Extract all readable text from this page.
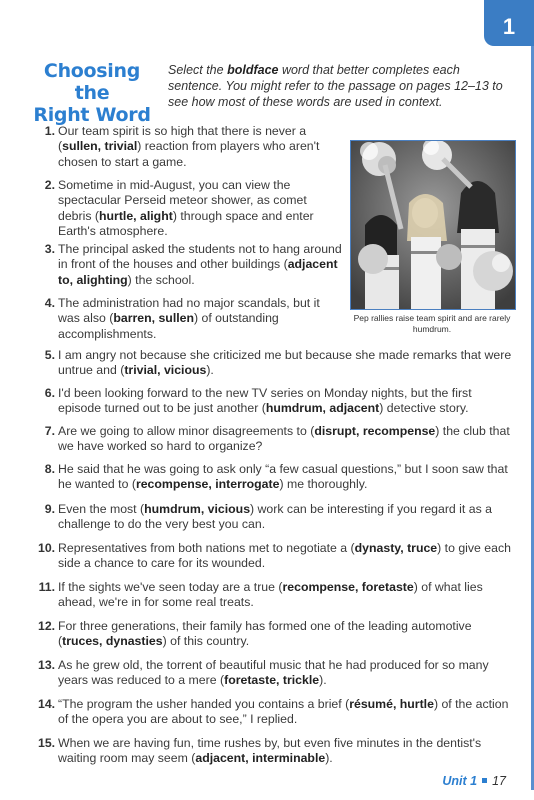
1
Choosing the
Right Word
Select the boldface word that better completes each sentence. You might refer to the passage on pages 12–13 to see how most of these words are used in context.
Pep rallies raise team spirit and are rarely humdrum.
1. Our team spirit is so high that there is never a (sullen, trivial) reaction from players who aren't chosen to start a game.
2. Sometime in mid-August, you can view the spectacular Perseid meteor shower, as comet debris (hurtle, alight) through space and enter Earth's atmosphere.
3. The principal asked the students not to hang around in front of the houses and other buildings (adjacent to, alighting) the school.
4. The administration had no major scandals, but it was also (barren, sullen) of outstanding accomplishments.
5. I am angry not because she criticized me but because she made remarks that were untrue and (trivial, vicious).
6. I'd been looking forward to the new TV series on Monday nights, but the first episode turned out to be just another (humdrum, adjacent) detective story.
7. Are we going to allow minor disagreements to (disrupt, recompense) the club that we have worked so hard to organize?
8. He said that he was going to ask only “a few casual questions,” but I soon saw that he wanted to (recompense, interrogate) me thoroughly.
9. Even the most (humdrum, vicious) work can be interesting if you regard it as a challenge to do the very best you can.
10. Representatives from both nations met to negotiate a (dynasty, truce) to give each side a chance to care for its wounded.
11. If the sights we've seen today are a true (recompense, foretaste) of what lies ahead, we're in for some real treats.
12. For three generations, their family has formed one of the leading automotive (truces, dynasties) of this country.
13. As he grew old, the torrent of beautiful music that he had produced for so many years was reduced to a mere (foretaste, trickle).
14. “The program the usher handed you contains a brief (résumé, hurtle) of the action of the opera you are about to see,” I replied.
15. When we are having fun, time rushes by, but even five minutes in the dentist's waiting room may seem (adjacent, interminable).
Unit 1 17
